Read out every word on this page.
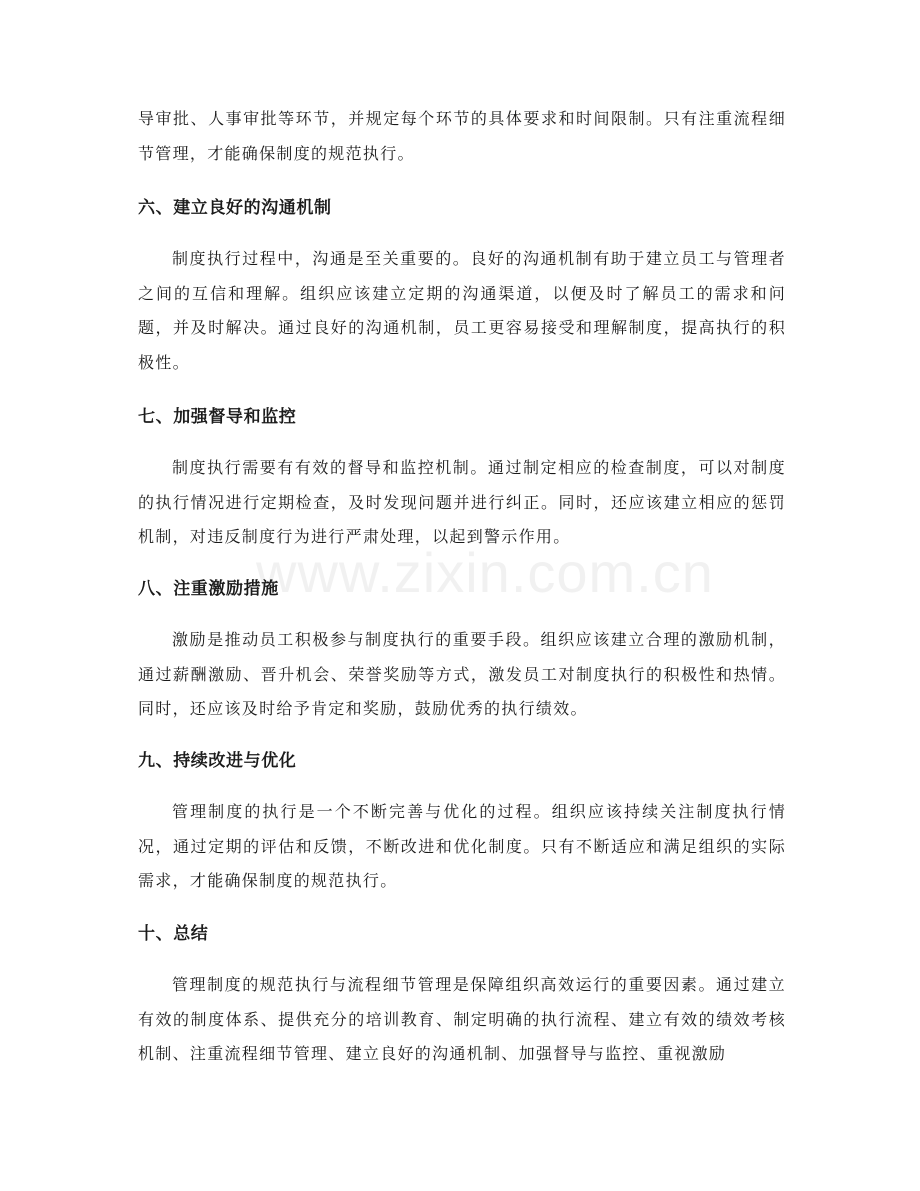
www.zixin.com.cn

导审批、人事审批等环节，并规定每个环节的具体要求和时间限制。只有注重流程细节管理，才能确保制度的规范执行。

六、建立良好的沟通机制

制度执行过程中，沟通是至关重要的。良好的沟通机制有助于建立员工与管理者之间的互信和理解。组织应该建立定期的沟通渠道，以便及时了解员工的需求和问题，并及时解决。通过良好的沟通机制，员工更容易接受和理解制度，提高执行的积极性。

七、加强督导和监控

制度执行需要有有效的督导和监控机制。通过制定相应的检查制度，可以对制度的执行情况进行定期检查，及时发现问题并进行纠正。同时，还应该建立相应的惩罚机制，对违反制度行为进行严肃处理，以起到警示作用。

八、注重激励措施

激励是推动员工积极参与制度执行的重要手段。组织应该建立合理的激励机制，通过薪酬激励、晋升机会、荣誉奖励等方式，激发员工对制度执行的积极性和热情。同时，还应该及时给予肯定和奖励，鼓励优秀的执行绩效。

九、持续改进与优化

管理制度的执行是一个不断完善与优化的过程。组织应该持续关注制度执行情况，通过定期的评估和反馈，不断改进和优化制度。只有不断适应和满足组织的实际需求，才能确保制度的规范执行。

十、总结

管理制度的规范执行与流程细节管理是保障组织高效运行的重要因素。通过建立有效的制度体系、提供充分的培训教育、制定明确的执行流程、建立有效的绩效考核机制、注重流程细节管理、建立良好的沟通机制、加强督导与监控、重视激励
